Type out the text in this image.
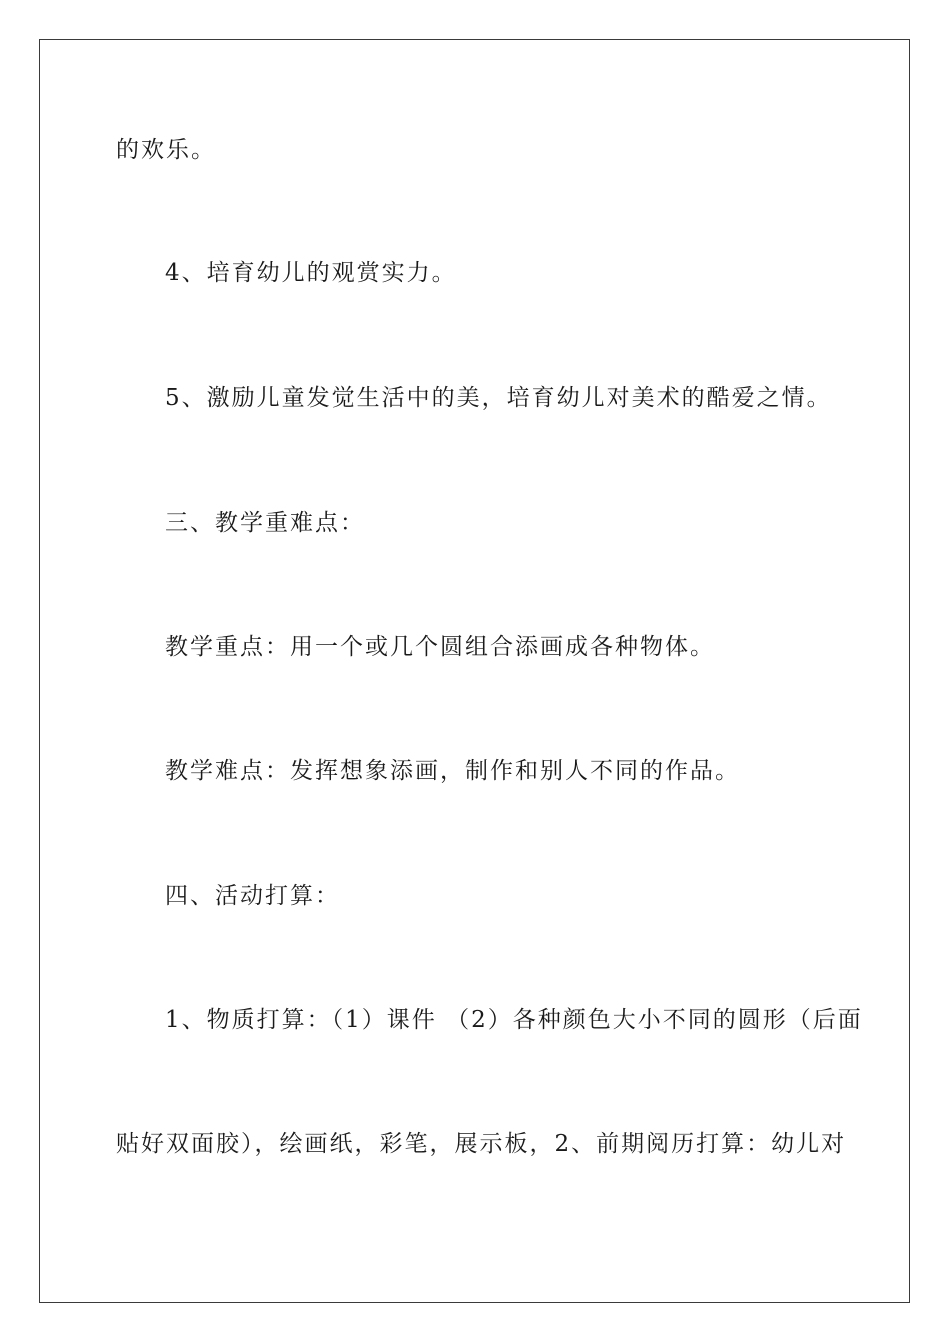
的欢乐。
4、培育幼儿的观赏实力。
5、激励儿童发觉生活中的美，培育幼儿对美术的酷爱之情。
三、教学重难点：
教学重点：用一个或几个圆组合添画成各种物体。
教学难点：发挥想象添画，制作和别人不同的作品。
四、活动打算：
1、物质打算：（1）课件 （2）各种颜色大小不同的圆形（后面
贴好双面胶），绘画纸，彩笔，展示板，2、前期阅历打算：幼儿对
